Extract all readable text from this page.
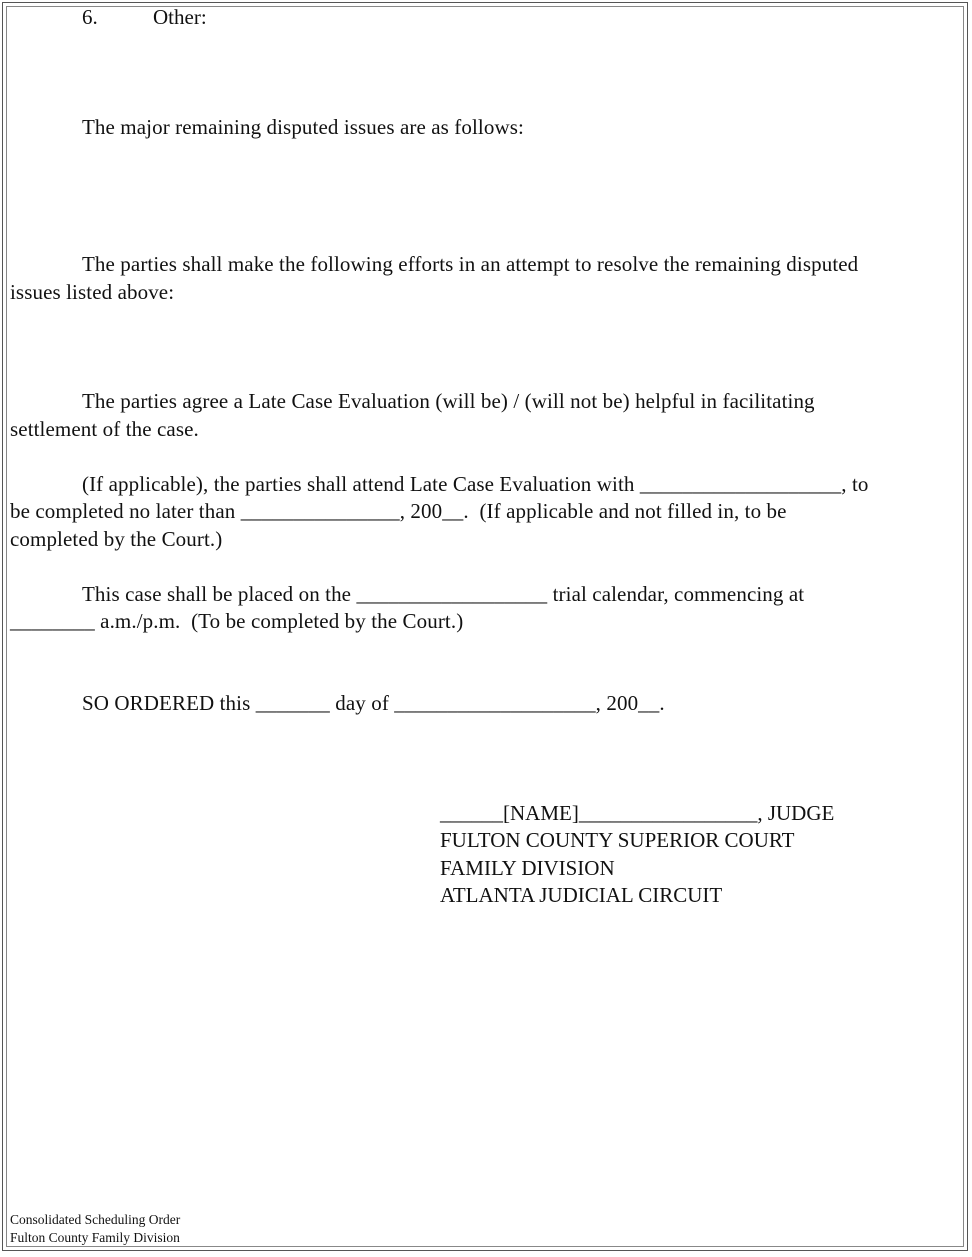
6.	Other:
The major remaining disputed issues are as follows:
The parties shall make the following efforts in an attempt to resolve the remaining disputed
issues listed above:
The parties agree a Late Case Evaluation (will be) / (will not be) helpful in facilitating
settlement of the case.
(If applicable), the parties shall attend Late Case Evaluation with ___________________, to
be completed no later than _______________, 200__.  (If applicable and not filled in, to be
completed by the Court.)
This case shall be placed on the __________________ trial calendar, commencing at
________ a.m./p.m.  (To be completed by the Court.)
SO ORDERED this _______ day of ___________________, 200__.
______[NAME]_________________, JUDGE
FULTON COUNTY SUPERIOR COURT
FAMILY DIVISION
ATLANTA JUDICIAL CIRCUIT
Consolidated Scheduling Order
Fulton County Family Division
